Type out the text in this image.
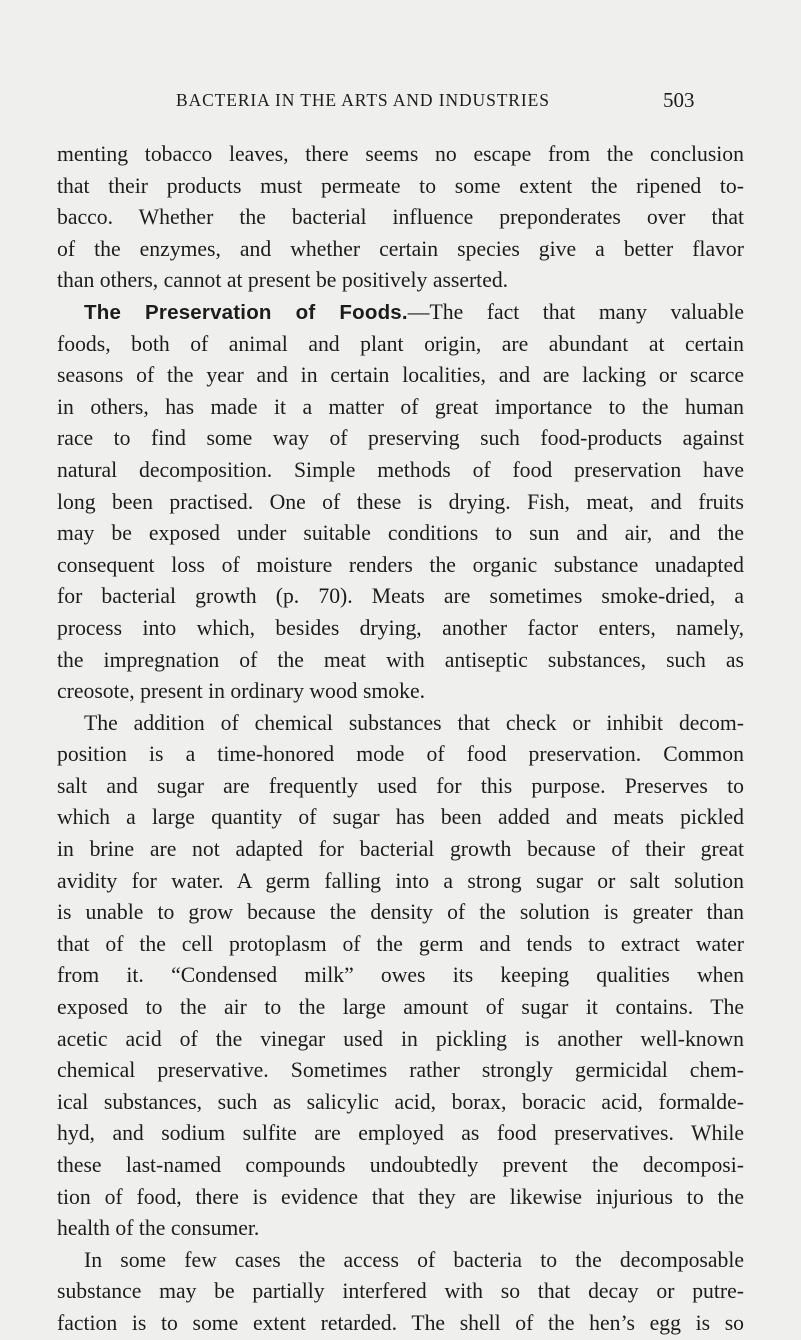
BACTERIA IN THE ARTS AND INDUSTRIES	503
menting tobacco leaves, there seems no escape from the conclusion
that their products must permeate to some extent the ripened to-
bacco. Whether the bacterial influence preponderates over that
of the enzymes, and whether certain species give a better flavor
than others, cannot at present be positively asserted.
The Preservation of Foods.—The fact that many valuable
foods, both of animal and plant origin, are abundant at certain
seasons of the year and in certain localities, and are lacking or scarce
in others, has made it a matter of great importance to the human
race to find some way of preserving such food-products against
natural decomposition. Simple methods of food preservation have
long been practised. One of these is drying. Fish, meat, and fruits
may be exposed under suitable conditions to sun and air, and the
consequent loss of moisture renders the organic substance unadapted
for bacterial growth (p. 70). Meats are sometimes smoke-dried, a
process into which, besides drying, another factor enters, namely,
the impregnation of the meat with antiseptic substances, such as
creosote, present in ordinary wood smoke.
The addition of chemical substances that check or inhibit decom-
position is a time-honored mode of food preservation. Common
salt and sugar are frequently used for this purpose. Preserves to
which a large quantity of sugar has been added and meats pickled
in brine are not adapted for bacterial growth because of their great
avidity for water. A germ falling into a strong sugar or salt solution
is unable to grow because the density of the solution is greater than
that of the cell protoplasm of the germ and tends to extract water
from it. “Condensed milk” owes its keeping qualities when
exposed to the air to the large amount of sugar it contains. The
acetic acid of the vinegar used in pickling is another well-known
chemical preservative. Sometimes rather strongly germicidal chem-
ical substances, such as salicylic acid, borax, boracic acid, formalde-
hyd, and sodium sulfite are employed as food preservatives. While
these last-named compounds undoubtedly prevent the decomposi-
tion of food, there is evidence that they are likewise injurious to the
health of the consumer.
In some few cases the access of bacteria to the decomposable
substance may be partially interfered with so that decay or putre-
faction is to some extent retarded. The shell of the hen’s egg is so
